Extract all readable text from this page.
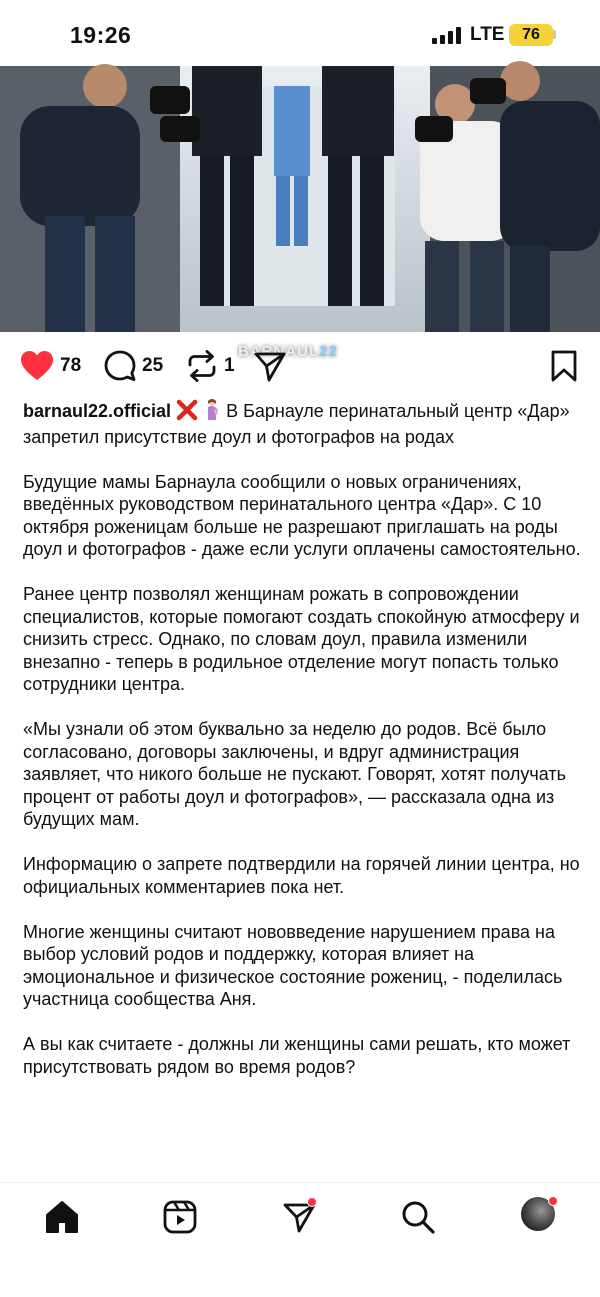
19:26	LTE	76
BARNAUL22
78	25	1

barnaul22.official	В Барнауле перинатальный центр «Дар» запретил присутствие доул и фотографов на родах

Будущие мамы Барнаула сообщили о новых ограничениях, введённых руководством перинатального центра «Дар». С 10 октября роженицам больше не разрешают приглашать на роды доул и фотографов - даже если услуги оплачены самостоятельно.

Ранее центр позволял женщинам рожать в сопровождении специалистов, которые помогают создать спокойную атмосферу и снизить стресс. Однако, по словам доул, правила изменили внезапно - теперь в родильное отделение могут попасть только сотрудники центра.

«Мы узнали об этом буквально за неделю до родов. Всё было согласовано, договоры заключены, и вдруг администрация заявляет, что никого больше не пускают. Говорят, хотят получать процент от работы доул и фотографов», — рассказала одна из будущих мам.

Информацию о запрете подтвердили на горячей линии центра, но официальных комментариев пока нет.

Многие женщины считают нововведение нарушением права на выбор условий родов и поддержку, которая влияет на эмоциональное и физическое состояние рожениц, - поделилась участница сообщества Аня.

А вы как считаете - должны ли женщины сами решать, кто может присутствовать рядом во время родов?
